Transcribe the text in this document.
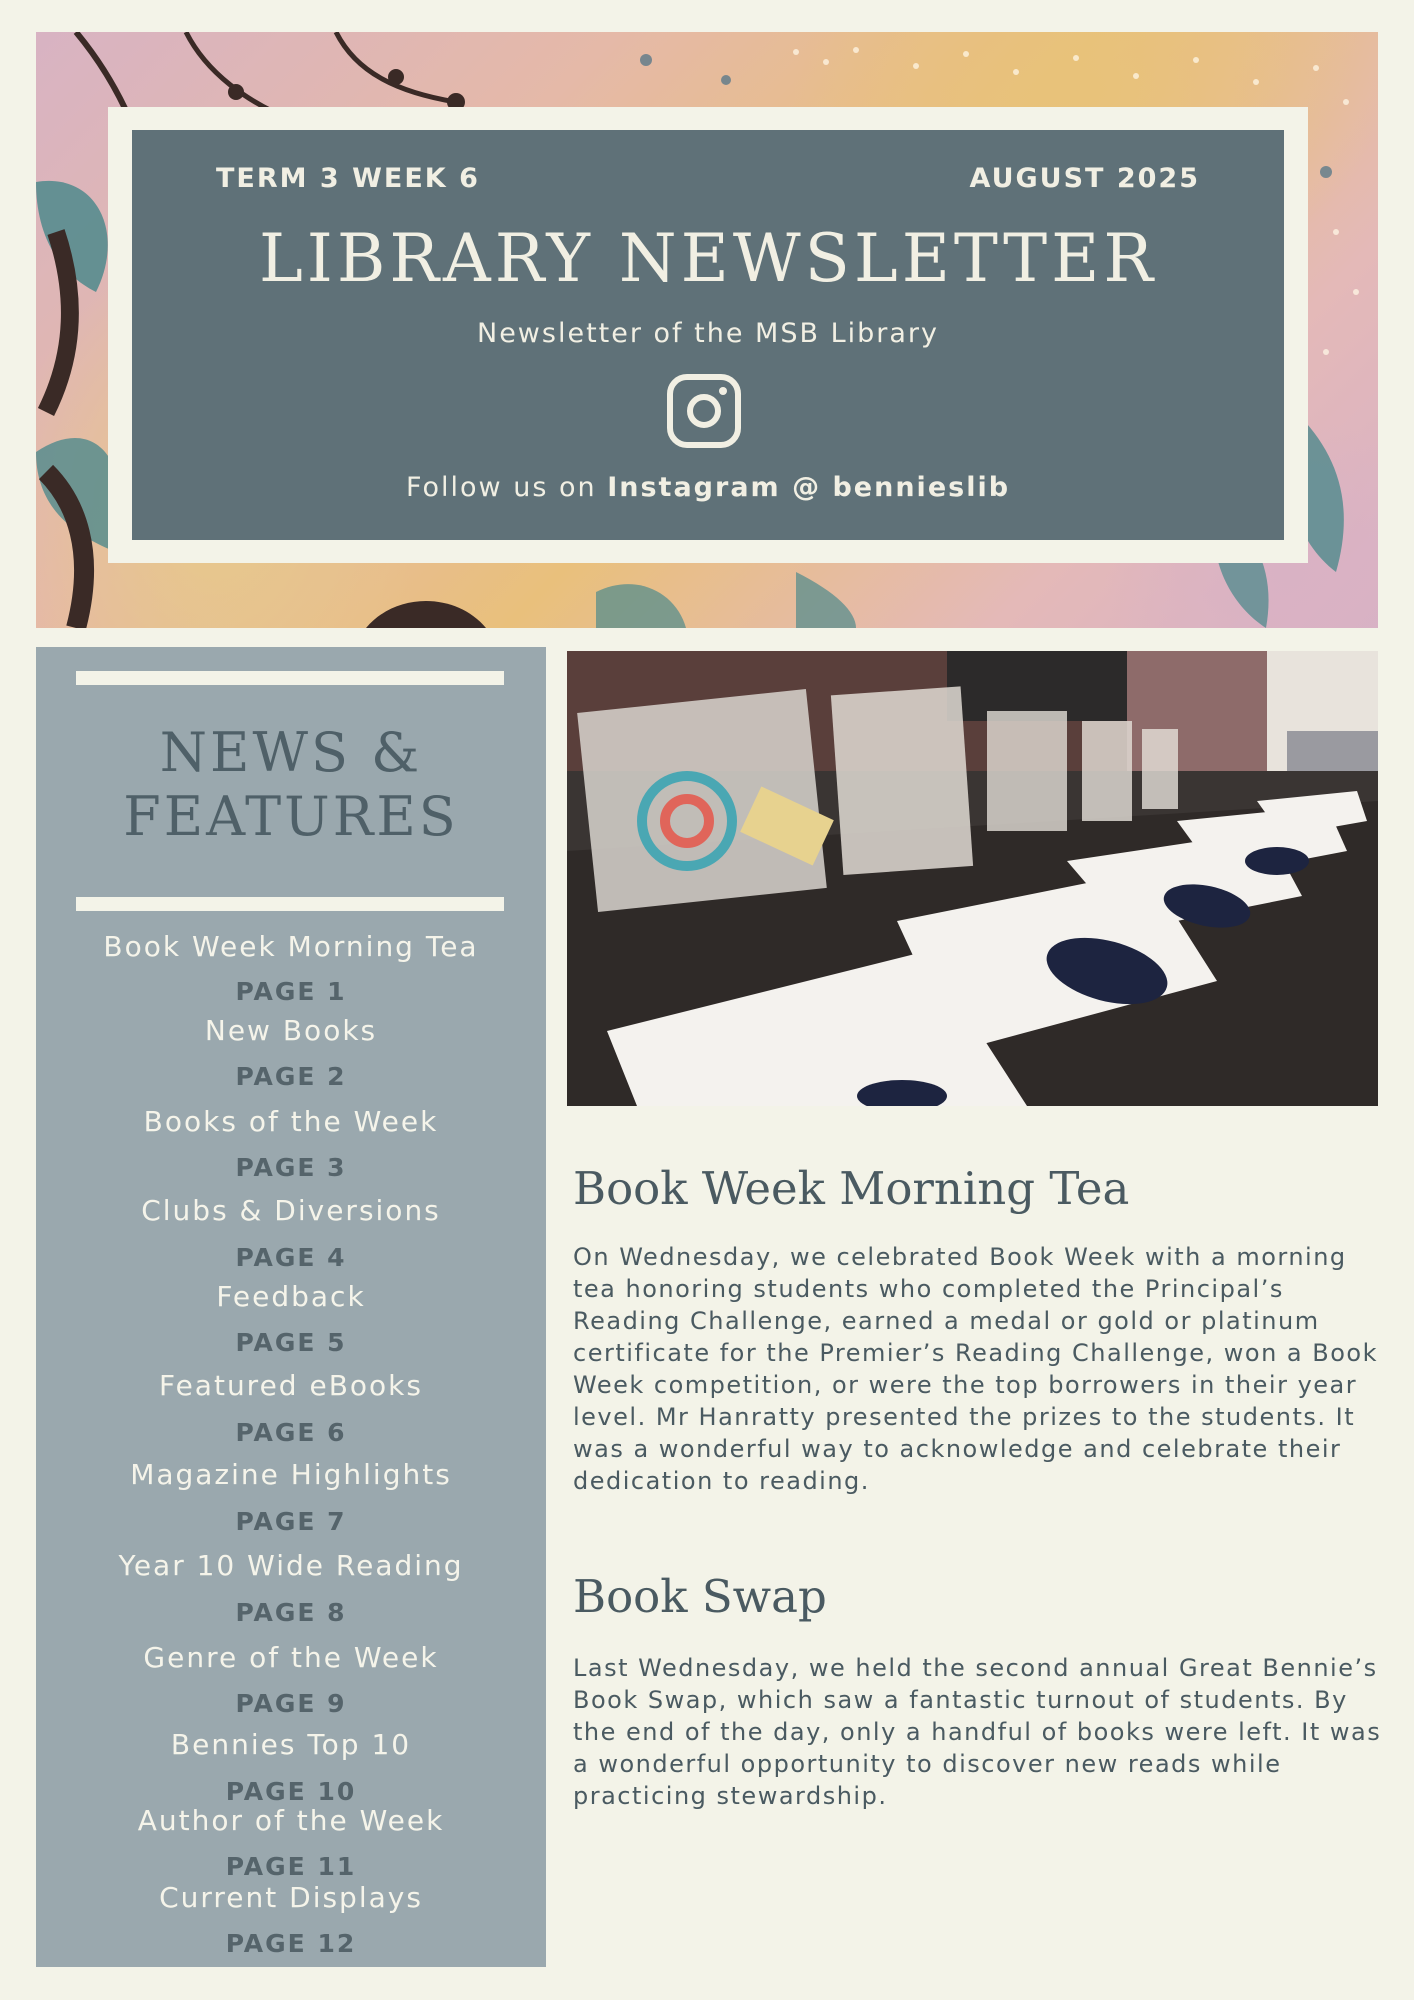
TERM 3 WEEK 6	AUGUST 2025
LIBRARY NEWSLETTER
Newsletter of the MSB Library
Follow us on Instagram @ bennieslib
NEWS &
FEATURES
Book Week Morning Tea
PAGE 1
New Books
PAGE 2
Books of the Week
PAGE 3
Clubs & Diversions
PAGE 4
Feedback
PAGE 5
Featured eBooks
PAGE 6
Magazine Highlights
PAGE 7
Year 10 Wide Reading
PAGE 8
Genre of the Week
PAGE 9
Bennies Top 10
PAGE 10
Author of the Week
PAGE 11
Current Displays
PAGE 12
Book Week Morning Tea
On Wednesday, we celebrated Book Week with a morning tea honoring students who completed the Principal’s Reading Challenge, earned a medal or gold or platinum certificate for the Premier’s Reading Challenge, won a Book Week competition, or were the top borrowers in their year level. Mr Hanratty presented the prizes to the students. It was a wonderful way to acknowledge and celebrate their dedication to reading.
Book Swap
Last Wednesday, we held the second annual Great Bennie’s Book Swap, which saw a fantastic turnout of students. By the end of the day, only a handful of books were left. It was a wonderful opportunity to discover new reads while practicing stewardship.
